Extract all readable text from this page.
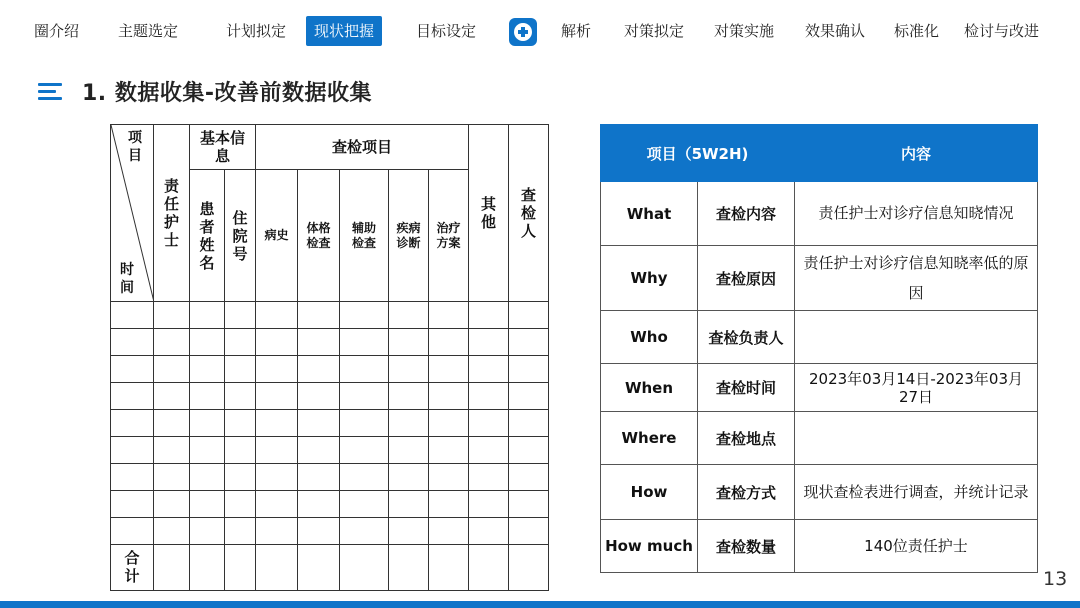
圈介绍	主题选定	计划拟定	现状把握	目标设定	解析 对策拟定 对策实施 效果确认 标准化 检讨与改进
1. 数据收集-改善前数据收集
项目
时间	责任护士	基本信息		查检项目					其他	查检人
		患者姓名	住院号	病史	体格检查	辅助检查	疾病诊断	治疗方案		

合计										
项目（5W2H)		内容
What	查检内容	责任护士对诊疗信息知晓情况
Why	查检原因	责任护士对诊疗信息知晓率低的原因
Who	查检负责人	
When	查检时间	2023年03月14日-2023年03月27日
Where	查检地点	
How	查检方式	现状查检表进行调查，并统计记录
How much	查检数量	140位责任护士
13
